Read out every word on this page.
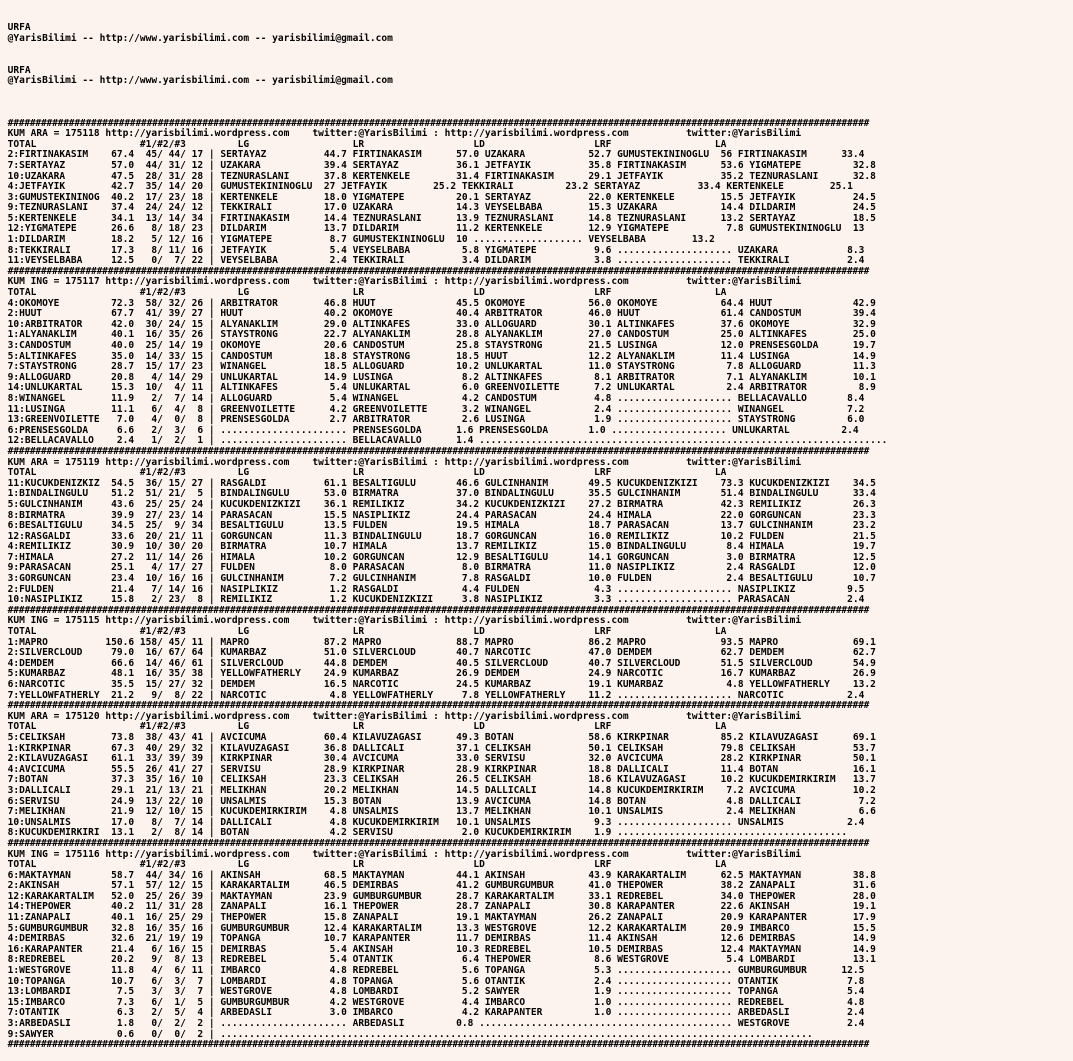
URFA
@YarisBilimi -- http://www.yarisbilimi.com -- yarisbilimi@gmail.com
URFA
@YarisBilimi -- http://www.yarisbilimi.com -- yarisbilimi@gmail.com

###########################################################################################################################################################
KUM ARA = 175118 http://yarisbilimi.wordpress.com    twitter:@YarisBilimi : http://yarisbilimi.wordpress.com          twitter:@YarisBilimi
TOTAL                  #1/#2/#3         LG                  LR                   LD                   LRF                  LA
2:FIRTINAKASIM    67.4  45/ 44/ 17 | SERTAYAZ          44.7 FIRTINAKASIM      57.0 UZAKARA           52.7 GUMUSTEKININOGLU  56 FIRTINAKASIM      33.4
7:SERTAYAZ        57.0  44/ 31/ 12 | UZAKARA           39.4 SERTAYAZ          36.1 JETFAYIK          35.8 FIRTINAKASIM      53.6 YIGMATEPE         32.8
10:UZAKARA        47.5  28/ 31/ 28 | TEZNURASLANI      37.8 KERTENKELE        31.4 FIRTINAKASIM      29.1 JETFAYIK          35.2 TEZNURASLANI      32.8
4:JETFAYIK        42.7  35/ 14/ 20 | GUMUSTEKININOGLU  27 JETFAYIK        25.2 TEKKIRALI         23.2 SERTAYAZ          33.4 KERTENKELE        25.1
3:GUMUSTEKININOG  40.2  17/ 23/ 18 | KERTENKELE        18.0 YIGMATEPE         20.1 SERTAYAZ          22.0 KERTENKELE        15.5 JETFAYIK          24.5
9:TEZNURASLANI    37.4  24/ 24/ 12 | TEKKIRALI         17.0 UZAKARA           14.3 VEYSELBABA        15.3 UZAKARA           14.4 DILDARIM          24.5
5:KERTENKELE      34.1  13/ 14/ 34 | FIRTINAKASIM      14.4 TEZNURASLANI      13.9 TEZNURASLANI      14.8 TEZNURASLANI      13.2 SERTAYAZ          18.5
12:YIGMATEPE      26.6   8/ 18/ 23 | DILDARIM          13.7 DILDARIM          11.2 KERTENKELE        12.9 YIGMATEPE          7.8 GUMUSTEKININOGLU  13
1:DILDARIM        18.2   5/ 12/ 16 | YIGMATEPE          8.7 GUMUSTEKININOGLU  10 ................... VEYSELBABA        13.2
8:TEKKIRALI       17.3   8/ 11/ 16 | JETFAYIK           5.4 VEYSELBABA         5.8 YIGMATEPE          9.6 .................... UZAKARA            8.3
11:VEYSELBABA     12.5   0/  7/ 22 | VEYSELBABA         2.4 TEKKIRALI          3.4 DILDARIM           3.8 .................... TEKKIRALI          2.4
###########################################################################################################################################################
KUM ING = 175117 http://yarisbilimi.wordpress.com    twitter:@YarisBilimi : http://yarisbilimi.wordpress.com          twitter:@YarisBilimi
TOTAL                  #1/#2/#3         LG                  LR                   LD                   LRF                  LA
4:OKOMOYE         72.3  58/ 32/ 26 | ARBITRATOR        46.8 HUUT              45.5 OKOMOYE           56.0 OKOMOYE           64.4 HUUT              42.9
2:HUUT            67.7  41/ 39/ 27 | HUUT              40.2 OKOMOYE           40.4 ARBITRATOR        46.0 HUUT              61.4 CANDOSTUM         39.4
10:ARBITRATOR     42.0  30/ 24/ 15 | ALYANAKLIM        29.0 ALTINKAFES        33.0 ALLOGUARD         30.1 ALTINKAFES        37.6 OKOMOYE           32.9
1:ALYANAKLIM      40.1  16/ 35/ 26 | STAYSTRONG        22.7 ALYANAKLIM        28.8 ALYANAKLIM        27.0 CANDOSTUM         25.0 ALTINKAFES        25.0
3:CANDOSTUM       40.0  25/ 14/ 19 | OKOMOYE           20.6 CANDOSTUM         25.8 STAYSTRONG        21.5 LUSINGA           12.0 PRENSESGOLDA      19.7
5:ALTINKAFES      35.0  14/ 33/ 15 | CANDOSTUM         18.8 STAYSTRONG        18.5 HUUT              12.2 ALYANAKLIM        11.4 LUSINGA           14.9
7:STAYSTRONG      28.7  15/ 17/ 23 | WINANGEL          18.5 ALLOGUARD         10.2 UNLUKARTAL        11.0 STAYSTRONG         7.8 ALLOGUARD         11.3
9:ALLOGUARD       20.8   4/ 14/ 29 | UNLUKARTAL        14.9 LUSINGA            8.2 ALTINKAFES         8.1 ARBITRATOR         7.1 ALYANAKLIM        10.1
14:UNLUKARTAL     15.3  10/  4/ 11 | ALTINKAFES         5.4 UNLUKARTAL         6.0 GREENVOILETTE      7.2 UNLUKARTAL         2.4 ARBITRATOR         8.9
8:WINANGEL        11.9   2/  7/ 14 | ALLOGUARD          5.4 WINANGEL           4.2 CANDOSTUM          4.8 .................... BELLACAVALLO       8.4
11:LUSINGA        11.1   6/  4/  8 | GREENVOILETTE      4.2 GREENVOILETTE      3.2 WINANGEL           2.4 .................... WINANGEL           7.2
13:GREENVOILETTE   7.0   4/  0/  8 | PRENSESGOLDA       2.7 ARBITRATOR         2.6 LUSINGA            1.9 .................... STAYSTRONG         6.0
6:PRENSESGOLDA     6.6   2/  3/  6 | ...................... PRENSESGOLDA      1.6 PRENSESGOLDA       1.0 .................... UNLUKARTAL         2.4
12:BELLACAVALLO    2.4   1/  2/  1 | ...................... BELLACAVALLO      1.4 .......................................................................
###########################################################################################################################################################
KUM ARA = 175119 http://yarisbilimi.wordpress.com    twitter:@YarisBilimi : http://yarisbilimi.wordpress.com          twitter:@YarisBilimi
TOTAL                  #1/#2/#3         LG                  LR                   LD                   LRF                  LA
11:KUCUKDENIZKIZ  54.5  36/ 15/ 27 | RASGALDI          61.1 BESALTIGULU       46.6 GULCINHANIM       49.5 KUCUKDENIZKIZI    73.3 KUCUKDENIZKIZI    34.5
1:BINDALINGULU    51.2  51/ 21/  5 | BINDALINGULU      53.0 BIRMATRA          37.0 BINDALINGULU      35.5 GULCINHANIM       51.4 BINDALINGULU      33.4
5:GULCINHANIM     43.6  25/ 25/ 24 | KUCUKDENIZKIZI    36.1 REMILIKIZ         34.2 KUCUKDENIZKIZI    27.2 BIRMATRA          42.3 REMILIKIZ         26.3
8:BIRMATRA        39.9  27/ 23/ 14 | PARASACAN         15.5 NASIPLIKIZ        24.4 PARASACAN         24.4 HIMALA            22.0 GORGUNCAN         23.3
6:BESALTIGULU     34.5  25/  9/ 34 | BESALTIGULU       13.5 FULDEN            19.5 HIMALA            18.7 PARASACAN         13.7 GULCINHANIM       23.2
12:RASGALDI       33.6  20/ 21/ 11 | GORGUNCAN         11.3 BINDALINGULU      18.7 GORGUNCAN         16.0 REMILIKIZ         10.2 FULDEN            21.5
4:REMILIKIZ       30.9  10/ 30/ 20 | BIRMATRA          10.7 HIMALA            13.7 REMILIKIZ         15.0 BINDALINGULU       8.4 HIMALA            19.7
7:HIMALA          27.2  11/ 14/ 26 | HIMALA            10.2 GORGUNCAN         12.9 BESALTIGULU       14.1 GORGUNCAN          3.0 BIRMATRA          12.5
9:PARASACAN       25.1   4/ 17/ 27 | FULDEN             8.0 PARASACAN          8.0 BIRMATRA          11.0 NASIPLIKIZ         2.4 RASGALDI          12.0
3:GORGUNCAN       23.4  10/ 16/ 16 | GULCINHANIM        7.2 GULCINHANIM        7.8 RASGALDI          10.0 FULDEN             2.4 BESALTIGULU       10.7
2:FULDEN          21.4   7/ 14/ 16 | NASIPLIKIZ         1.2 RASGALDI           4.4 FULDEN             4.3 .................... NASIPLIKIZ         9.5
10:NASIPLIKIZ     15.8   2/ 23/  8 | REMILIKIZ          1.2 KUCUKDENIZKIZI     3.8 NASIPLIKIZ         3.3 .................... PARASACAN          2.4
###########################################################################################################################################################
KUM ING = 175115 http://yarisbilimi.wordpress.com    twitter:@YarisBilimi : http://yarisbilimi.wordpress.com          twitter:@YarisBilimi
TOTAL                  #1/#2/#3         LG                  LR                   LD                   LRF                  LA
1:MAPRO          150.6 158/ 45/ 11 | MAPRO             87.2 MAPRO             88.7 MAPRO             86.2 MAPRO             93.5 MAPRO             69.1
2:SILVERCLOUD     79.0  16/ 67/ 64 | KUMARBAZ          51.0 SILVERCLOUD       40.7 NARCOTIC          47.0 DEMDEM            62.7 DEMDEM            62.7
4:DEMDEM          66.6  14/ 46/ 61 | SILVERCLOUD       44.8 DEMDEM            40.5 SILVERCLOUD       40.7 SILVERCLOUD       51.5 SILVERCLOUD       54.9
5:KUMARBAZ        48.1  16/ 35/ 38 | YELLOWFATHERLY    24.9 KUMARBAZ          26.9 DEMDEM            24.9 NARCOTIC          16.7 KUMARBAZ          26.9
6:NARCOTIC        35.5  15/ 27/ 32 | DEMDEM            16.5 NARCOTIC          24.5 KUMARBAZ          19.1 KUMARBAZ           4.8 YELLOWFATHERLY    13.2
7:YELLOWFATHERLY  21.2   9/  8/ 22 | NARCOTIC           4.8 YELLOWFATHERLY     7.8 YELLOWFATHERLY    11.2 .................... NARCOTIC           2.4
###########################################################################################################################################################
KUM ARA = 175120 http://yarisbilimi.wordpress.com    twitter:@YarisBilimi : http://yarisbilimi.wordpress.com          twitter:@YarisBilimi
TOTAL                  #1/#2/#3         LG                  LR                   LD                   LRF                  LA
5:CELIKSAH        73.8  38/ 43/ 41 | AVCICUMA          60.4 KILAVUZAGASI      49.3 BOTAN             58.6 KIRKPINAR         85.2 KILAVUZAGASI      69.1
1:KIRKPINAR       67.3  40/ 29/ 32 | KILAVUZAGASI      36.8 DALLICALI         37.1 CELIKSAH          50.1 CELIKSAH          79.8 CELIKSAH          53.7
2:KILAVUZAGASI    61.1  33/ 39/ 39 | KIRKPINAR         30.4 AVCICUMA          33.0 SERVISU           32.0 AVCICUMA          28.2 KIRKPINAR         50.1
4:AVCICUMA        55.5  26/ 41/ 27 | SERVISU           28.9 KIRKPINAR         28.9 KIRKPINAR         18.8 DALLICALI         11.4 BOTAN             16.1
7:BOTAN           37.3  35/ 16/ 10 | CELIKSAH          23.3 CELIKSAH          26.5 CELIKSAH          18.6 KILAVUZAGASI      10.2 KUCUKDEMIRKIRIM   13.7
3:DALLICALI       29.1  21/ 13/ 21 | MELIKHAN          20.2 MELIKHAN          14.5 DALLICALI         14.8 KUCUKDEMIRKIRIM    7.2 AVCICUMA          10.2
6:SERVISU         24.9  13/ 22/ 10 | UNSALMIS          15.3 BOTAN             13.9 AVCICUMA          14.8 BOTAN              4.8 DALLICALI          7.2
7:MELIKHAN        21.9  12/ 10/ 15 | KUCUKDEMIRKIRIM    4.8 UNSALMIS          13.7 MELIKHAN          10.1 UNSALMIS           2.4 MELIKHAN           6.6
10:UNSALMIS       17.0   8/  7/ 14 | DALLICALI          4.8 KUCUKDEMIRKIRIM   10.1 UNSALMIS           9.3 .................... UNSALMIS           2.4
8:KUCUKDEMIRKIRI  13.1   2/  8/ 14 | BOTAN              4.2 SERVISU            2.0 KUCUKDEMIRKIRIM    1.9 ........................................
###########################################################################################################################################################
KUM ING = 175116 http://yarisbilimi.wordpress.com    twitter:@YarisBilimi : http://yarisbilimi.wordpress.com          twitter:@YarisBilimi
TOTAL                  #1/#2/#3         LG                  LR                   LD                   LRF                  LA
6:MAKTAYMAN       58.7  44/ 34/ 16 | AKINSAH           68.5 MAKTAYMAN         44.1 AKINSAH           43.9 KARAKARTALIM      62.5 MAKTAYMAN         38.8
2:AKINSAH         57.1  57/ 12/ 15 | KARAKARTALIM      46.5 DEMIRBAS          41.2 GUMBURGUMBUR      41.0 THEPOWER          38.2 ZANAPALI          31.6
12:KARAKARTALIM   52.0  25/ 26/ 39 | MAKTAYMAN         23.9 GUMBURGUMBUR      28.7 KARAKARTALIM      33.1 REDREBEL          34.0 THEPOWER          28.0
14:THEPOWER       40.2  11/ 31/ 28 | ZANAPALI          16.1 THEPOWER          28.7 ZANAPALI          30.8 KARAPANTER        22.6 AKINSAH           19.1
11:ZANAPALI       40.1  16/ 25/ 29 | THEPOWER          15.8 ZANAPALI          19.1 MAKTAYMAN         26.2 ZANAPALI          20.9 KARAPANTER        17.9
5:GUMBURGUMBUR    32.8  16/ 35/ 16 | GUMBURGUMBUR      12.4 KARAKARTALIM      13.3 WESTGROVE         12.2 KARAKARTALIM      20.9 IMBARCO           15.5
4:DEMIRBAS        32.6  21/ 19/ 19 | TOPANGA           10.7 KARAPANTER        11.7 DEMIRBAS          11.4 AKINSAH           12.6 DEMIRBAS          14.9
16:KARAPANTER     21.4   6/ 16/ 15 | DEMIRBAS           5.4 AKINSAH           10.3 REDREBEL          10.5 DEMIRBAS          12.4 MAKTAYMAN         14.9
8:REDREBEL        20.2   9/  8/ 13 | REDREBEL           5.4 OTANTIK            6.4 THEPOWER           8.6 WESTGROVE          5.4 LOMBARDI          13.1
1:WESTGROVE       11.8   4/  6/ 11 | IMBARCO            4.8 REDREBEL           5.6 TOPANGA            5.3 .................... GUMBURGUMBUR      12.5
10:TOPANGA        10.7   6/  3/  7 | LOMBARDI           4.8 TOPANGA            5.6 OTANTIK            2.4 .................... OTANTIK            7.8
13:LOMBARDI        7.5   3/  3/  7 | WESTGROVE          4.8 LOMBARDI           5.2 SAWYER             1.9 .................... TOPANGA            5.4
15:IMBARCO         7.3   6/  1/  5 | GUMBURGUMBUR       4.2 WESTGROVE          4.4 IMBARCO            1.0 .................... REDREBEL           4.8
7:OTANTIK          6.3   2/  5/  4 | ARBEDASLI          3.0 IMBARCO            4.2 KARAPANTER         1.0 .................... ARBEDASLI          2.4
3:ARBEDASLI        1.8   0/  2/  2 | ...................... ARBEDASLI         0.8 ............................................ WESTGROVE          2.4
9:SAWYER           0.6   0/  0/  2 | .......................................................................................................
###########################################################################################################################################################
